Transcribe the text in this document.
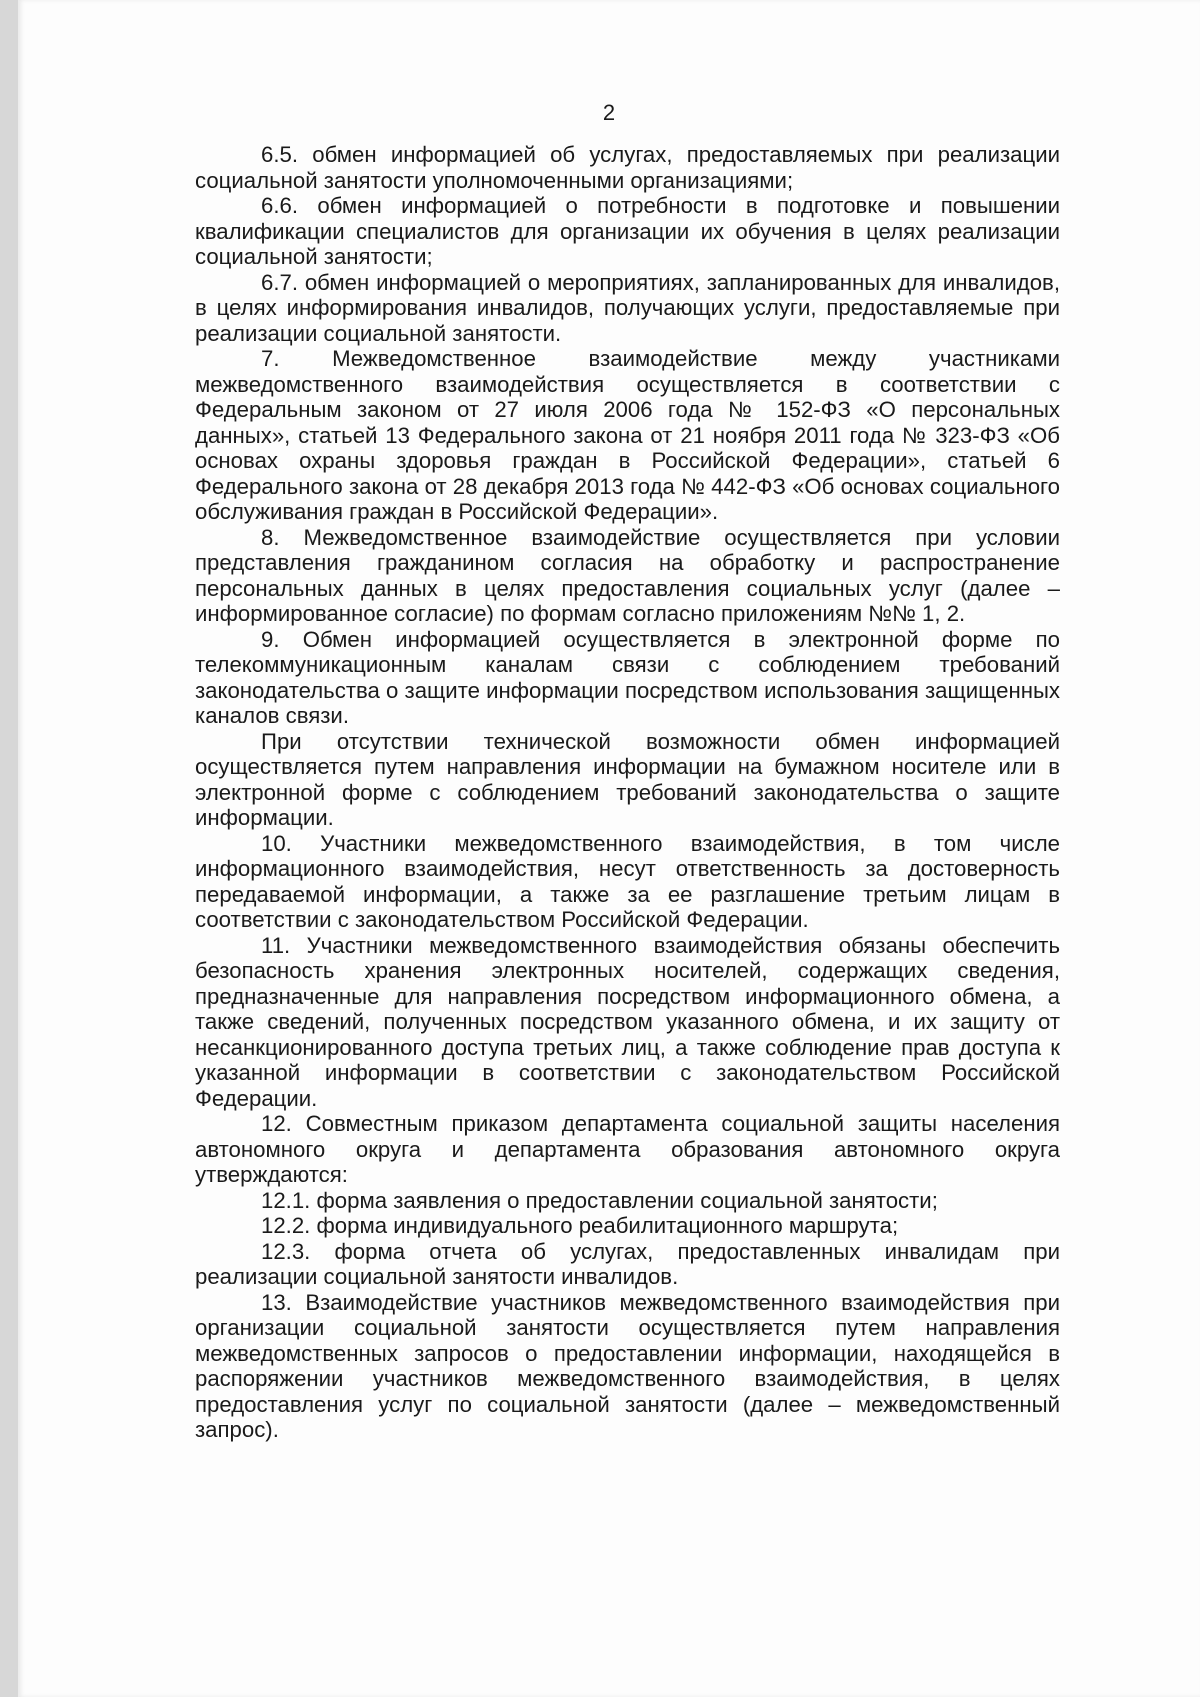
2

6.5. обмен информацией об услугах, предоставляемых при реализации социальной занятости уполномоченными организациями;

6.6. обмен информацией о потребности в подготовке и повышении квалификации специалистов для организации их обучения в целях реализации социальной занятости;

6.7. обмен информацией о мероприятиях, запланированных для инвалидов, в целях информирования инвалидов, получающих услуги, предоставляемые при реализации социальной занятости.

7. Межведомственное взаимодействие между участниками межведомственного взаимодействия осуществляется в соответствии с Федеральным законом от 27 июля 2006 года № 152-ФЗ «О персональных данных», статьей 13 Федерального закона от 21 ноября 2011 года № 323-ФЗ «Об основах охраны здоровья граждан в Российской Федерации», статьей 6 Федерального закона от 28 декабря 2013 года № 442-ФЗ «Об основах социального обслуживания граждан в Российской Федерации».

8. Межведомственное взаимодействие осуществляется при условии представления гражданином согласия на обработку и распространение персональных данных в целях предоставления социальных услуг (далее – информированное согласие) по формам согласно приложениям №№ 1, 2.

9. Обмен информацией осуществляется в электронной форме по телекоммуникационным каналам связи с соблюдением требований законодательства о защите информации посредством использования защищенных каналов связи.

При отсутствии технической возможности обмен информацией осуществляется путем направления информации на бумажном носителе или в электронной форме с соблюдением требований законодательства о защите информации.

10. Участники межведомственного взаимодействия, в том числе информационного взаимодействия, несут ответственность за достоверность передаваемой информации, а также за ее разглашение третьим лицам в соответствии с законодательством Российской Федерации.

11. Участники межведомственного взаимодействия обязаны обеспечить безопасность хранения электронных носителей, содержащих сведения, предназначенные для направления посредством информационного обмена, а также сведений, полученных посредством указанного обмена, и их защиту от несанкционированного доступа третьих лиц, а также соблюдение прав доступа к указанной информации в соответствии с законодательством Российской Федерации.

12. Совместным приказом департамента социальной защиты населения автономного округа и департамента образования автономного округа утверждаются:

12.1. форма заявления о предоставлении социальной занятости;

12.2. форма индивидуального реабилитационного маршрута;

12.3. форма отчета об услугах, предоставленных инвалидам при реализации социальной занятости инвалидов.

13. Взаимодействие участников межведомственного взаимодействия при организации социальной занятости осуществляется путем направления межведомственных запросов о предоставлении информации, находящейся в распоряжении участников межведомственного взаимодействия, в целях предоставления услуг по социальной занятости (далее – межведомственный запрос).
